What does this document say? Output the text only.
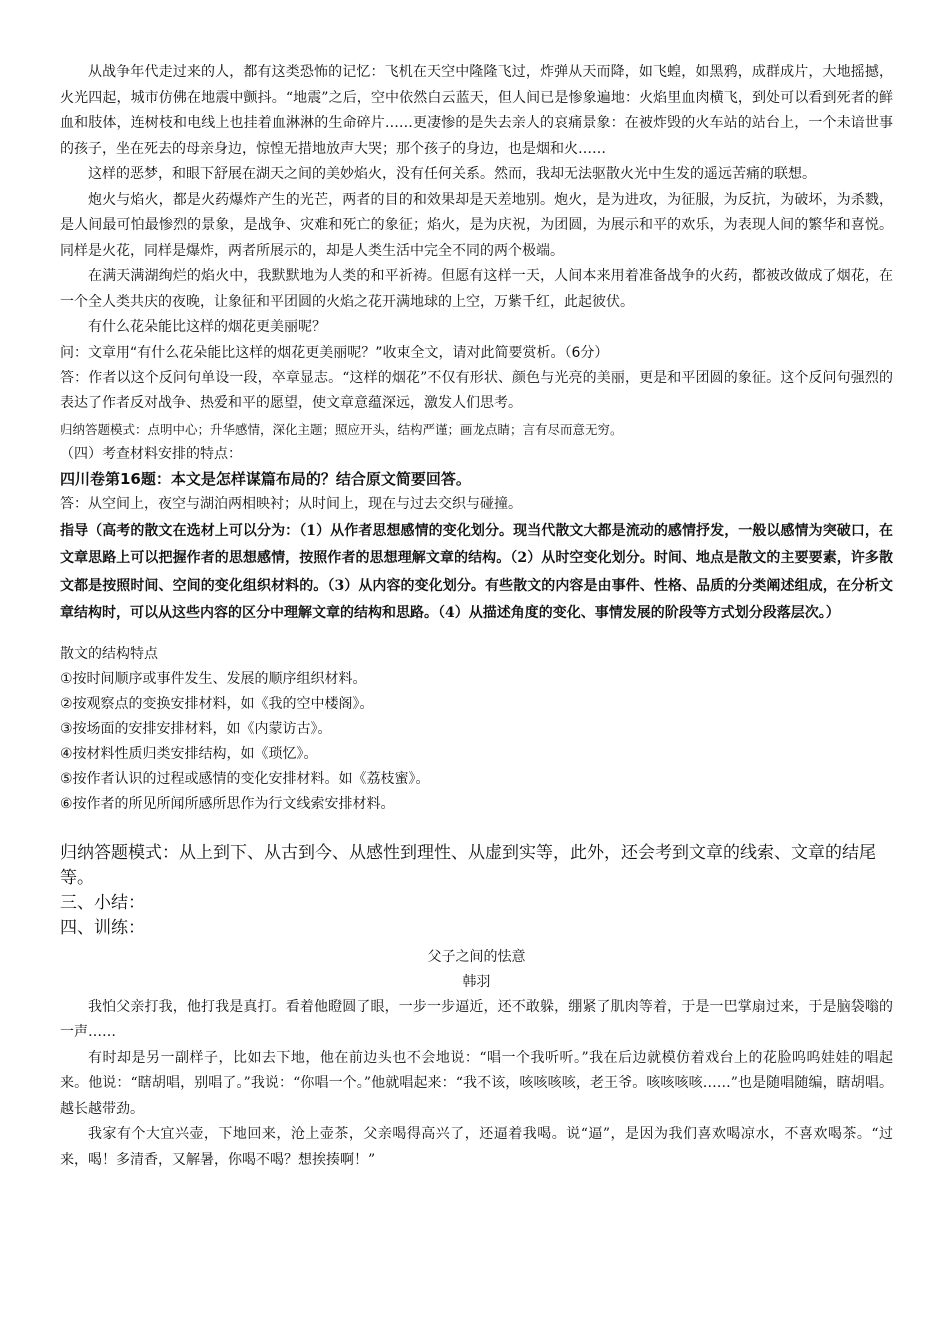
从战争年代走过来的人，都有这类恐怖的记忆：飞机在天空中隆隆飞过，炸弹从天而降，如飞蝗，如黑鸦，成群成片，大地摇撼，火光四起，城市仿佛在地震中颤抖。“地震”之后，空中依然白云蓝天，但人间已是惨象遍地：火焰里血肉横飞，到处可以看到死者的鲜血和肢体，连树枝和电线上也挂着血淋淋的生命碎片……更凄惨的是失去亲人的哀痛景象：在被炸毁的火车站的站台上，一个未谙世事的孩子，坐在死去的母亲身边，惊惶无措地放声大哭；那个孩子的身边，也是烟和火……

这样的恶梦，和眼下舒展在湖天之间的美妙焰火，没有任何关系。然而，我却无法驱散火光中生发的遥远苦痛的联想。

炮火与焰火，都是火药爆炸产生的光芒，两者的目的和效果却是天差地别。炮火，是为进攻，为征服，为反抗，为破坏，为杀戮，是人间最可怕最惨烈的景象，是战争、灾难和死亡的象征；焰火，是为庆祝，为团圆，为展示和平的欢乐，为表现人间的繁华和喜悦。同样是火花，同样是爆炸，两者所展示的，却是人类生活中完全不同的两个极端。

在满天满湖绚烂的焰火中，我默默地为人类的和平祈祷。但愿有这样一天，人间本来用着准备战争的火药，都被改做成了烟花，在一个全人类共庆的夜晚，让象征和平团圆的火焰之花开满地球的上空，万紫千红，此起彼伏。

有什么花朵能比这样的烟花更美丽呢？

问：文章用“有什么花朵能比这样的烟花更美丽呢？”收束全文，请对此简要赏析。（6分）

答：作者以这个反问句单设一段，卒章显志。“这样的烟花”不仅有形状、颜色与光亮的美丽，更是和平团圆的象征。这个反问句强烈的表达了作者反对战争、热爱和平的愿望，使文章意蕴深远，激发人们思考。

归纳答题模式：点明中心；升华感情，深化主题；照应开头，结构严谨；画龙点睛；言有尽而意无穷。

（四）考查材料安排的特点：

四川卷第16题：本文是怎样谋篇布局的？结合原文简要回答。

答：从空间上，夜空与湖泊两相映衬；从时间上，现在与过去交织与碰撞。

指导（高考的散文在选材上可以分为：（1）从作者思想感情的变化划分。现当代散文大都是流动的感情抒发，一般以感情为突破口，在文章思路上可以把握作者的思想感情，按照作者的思想理解文章的结构。（2）从时空变化划分。时间、地点是散文的主要要素，许多散文都是按照时间、空间的变化组织材料的。（3）从内容的变化划分。有些散文的内容是由事件、性格、品质的分类阐述组成，在分析文章结构时，可以从这些内容的区分中理解文章的结构和思路。（4）从描述角度的变化、事情发展的阶段等方式划分段落层次。）

散文的结构特点

①按时间顺序或事件发生、发展的顺序组织材料。

②按观察点的变换安排材料，如《我的空中楼阁》。

③按场面的安排安排材料，如《内蒙访古》。

④按材料性质归类安排结构，如《琐忆》。

⑤按作者认识的过程或感情的变化安排材料。如《荔枝蜜》。

⑥按作者的所见所闻所感所思作为行文线索安排材料。

归纳答题模式：从上到下、从古到今、从感性到理性、从虚到实等，此外，还会考到文章的线索、文章的结尾等。

三、小结：

四、训练：

父子之间的怯意

韩羽

我怕父亲打我，他打我是真打。看着他瞪圆了眼，一步一步逼近，还不敢躲，绷紧了肌肉等着，于是一巴掌扇过来，于是脑袋嗡的一声……

有时却是另一副样子，比如去下地，他在前边头也不会地说：“唱一个我听听。”我在后边就模仿着戏台上的花脸呜呜娃娃的唱起来。他说：“瞎胡唱，别唱了。”我说：“你唱一个。”他就唱起来：“我不该，咳咳咳咳，老王爷。咳咳咳咳……”也是随唱随编，瞎胡唱。越长越带劲。

我家有个大宜兴壶，下地回来，沧上壶茶，父亲喝得高兴了，还逼着我喝。说“逼”，是因为我们喜欢喝凉水，不喜欢喝茶。“过来，喝！多清香，又解暑，你喝不喝？想挨揍啊！”
